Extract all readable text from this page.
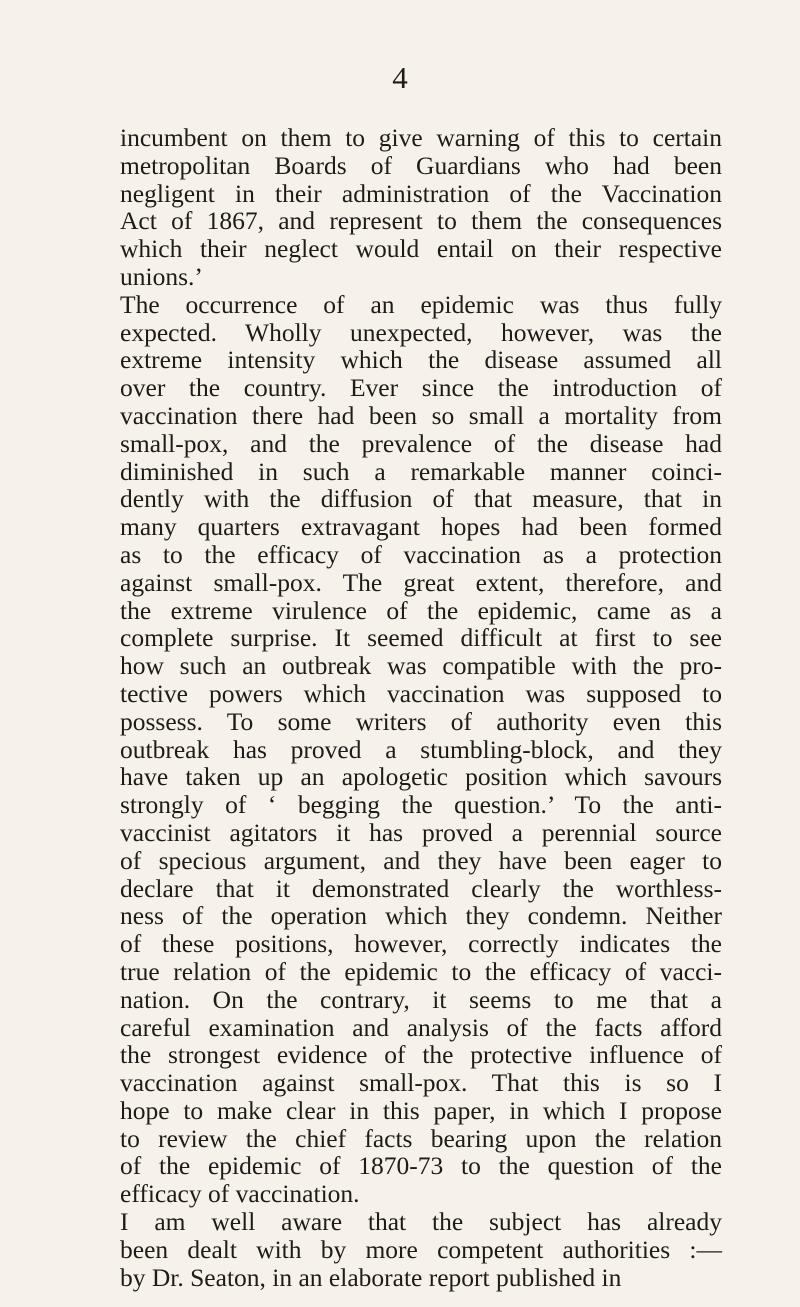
4
incumbent on them to give warning of this to certain
metropolitan Boards of Guardians who had been
negligent in their administration of the Vaccination
Act of 1867, and represent to them the consequences
which their neglect would entail on their respective
unions.’
The occurrence of an epidemic was thus fully
expected. Wholly unexpected, however, was the
extreme intensity which the disease assumed all
over the country. Ever since the introduction of
vaccination there had been so small a mortality from
small-pox, and the prevalence of the disease had
diminished in such a remarkable manner coinci-
dently with the diffusion of that measure, that in
many quarters extravagant hopes had been formed
as to the efficacy of vaccination as a protection
against small-pox. The great extent, therefore, and
the extreme virulence of the epidemic, came as a
complete surprise. It seemed difficult at first to see
how such an outbreak was compatible with the pro-
tective powers which vaccination was supposed to
possess. To some writers of authority even this
outbreak has proved a stumbling-block, and they
have taken up an apologetic position which savours
strongly of ‘ begging the question.’ To the anti-
vaccinist agitators it has proved a perennial source
of specious argument, and they have been eager to
declare that it demonstrated clearly the worthless-
ness of the operation which they condemn. Neither
of these positions, however, correctly indicates the
true relation of the epidemic to the efficacy of vacci-
nation. On the contrary, it seems to me that a
careful examination and analysis of the facts afford
the strongest evidence of the protective influence of
vaccination against small-pox. That this is so I
hope to make clear in this paper, in which I propose
to review the chief facts bearing upon the relation
of the epidemic of 1870-73 to the question of the
efficacy of vaccination.
I am well aware that the subject has already
been dealt with by more competent authorities :—
by Dr. Seaton, in an elaborate report published in
